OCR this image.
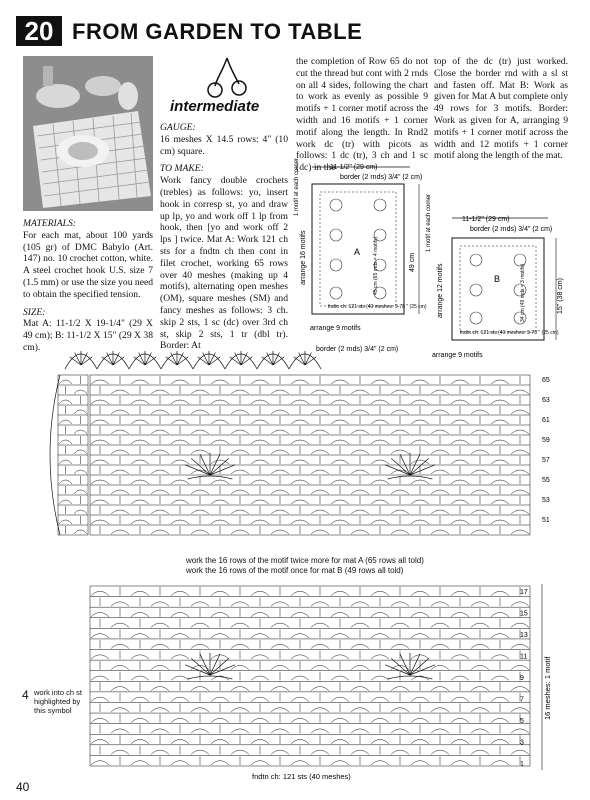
20 FROM GARDEN TO TABLE
intermediate

MATERIALS:
For each mat, about 100 yards (105 gr) of DMC Babylo (Art. 147) no. 10 crochet cotton, white. A steel crochet hook U.S. size 7 (1.5 mm) or use the size you need to obtain the specified tension.

SIZE:
Mat A: 11-1/2 X 19-1/4" (29 X 49 cm); B: 11-1/2 X 15" (29 X 38 cm).

GAUGE:
16 meshes X 14.5 rows: 4" (10 cm) square.

TO MAKE:
Work fancy double crochets (trebles) as follows: yo, insert hook in corresp st, yo and draw up lp, yo and work off 1 lp from hook, then [yo and work off 2 lps ] twice. Mat A: Work 121 ch sts for a fndtn ch then cont in filet crochet, working 65 rows over 40 meshes (making up 4 motifs), alternating open meshes (OM), square meshes (SM) and fancy meshes as follows: 3 ch. skip 2 sts, 1 sc (dc) over 3rd ch st, skip 2 sts, 1 tr (dbl tr). Border: At

the completion of Row 65 do not cut the thread but cont with 2 rnds on all 4 sides, following the chart to work as evenly as possible 9 motifs + 1 corner motif across the width and 16 motifs + 1 corner motif along the length. In Rnd2 work dc (tr) with picots as follows: 1 dc (tr), 3 ch and 1 sc (dc) in the
top of the dc (tr) just worked. Close the border rnd with a sl st and fasten off. Mat B: Work as given for Mat A but complete only 49 rows for 3 motifs. Border: Work as given for A, arranging 9 motifs + 1 corner motif across the width and 12 motifs + 1 corner motif along the length of the mat.
11-1/2" (29 cm)
border (2 rnds) 3/4" (2 cm)
A
fndtn ch: 121 sts (40 meshes: 9-78 " (25 cm)
arrange 9 motifs
arrange 16 motifs
1 motif at each corner
49 cm
45 cm (65 rnds = 4 motifs)
11-1/2" (29 cm)
border (2 rnds) 3/4" (2 cm)
B
fndtn ch: 121 sts (40 meshes: 9-78 " (25 cm)
arrange 9 motifs
arrange 12 motifs
1 motif at each corner
15" (38 cm)
34 cm (49 rnds = 3 motifs)
border (2 rnds) 3/4" (2 cm)
65
63
61
59
57
55
53
51
work the 16 rows of the motif twice more for mat A (65 rows all told)
work the 16 rows of the motif once for mat B (49 rows all told)
17
15
13
11
9
7
5
3
1
16 meshes: 1 motif
fndtn ch: 121 sts (40 meshes)
4 work into ch st highlighted by this symbol
40
